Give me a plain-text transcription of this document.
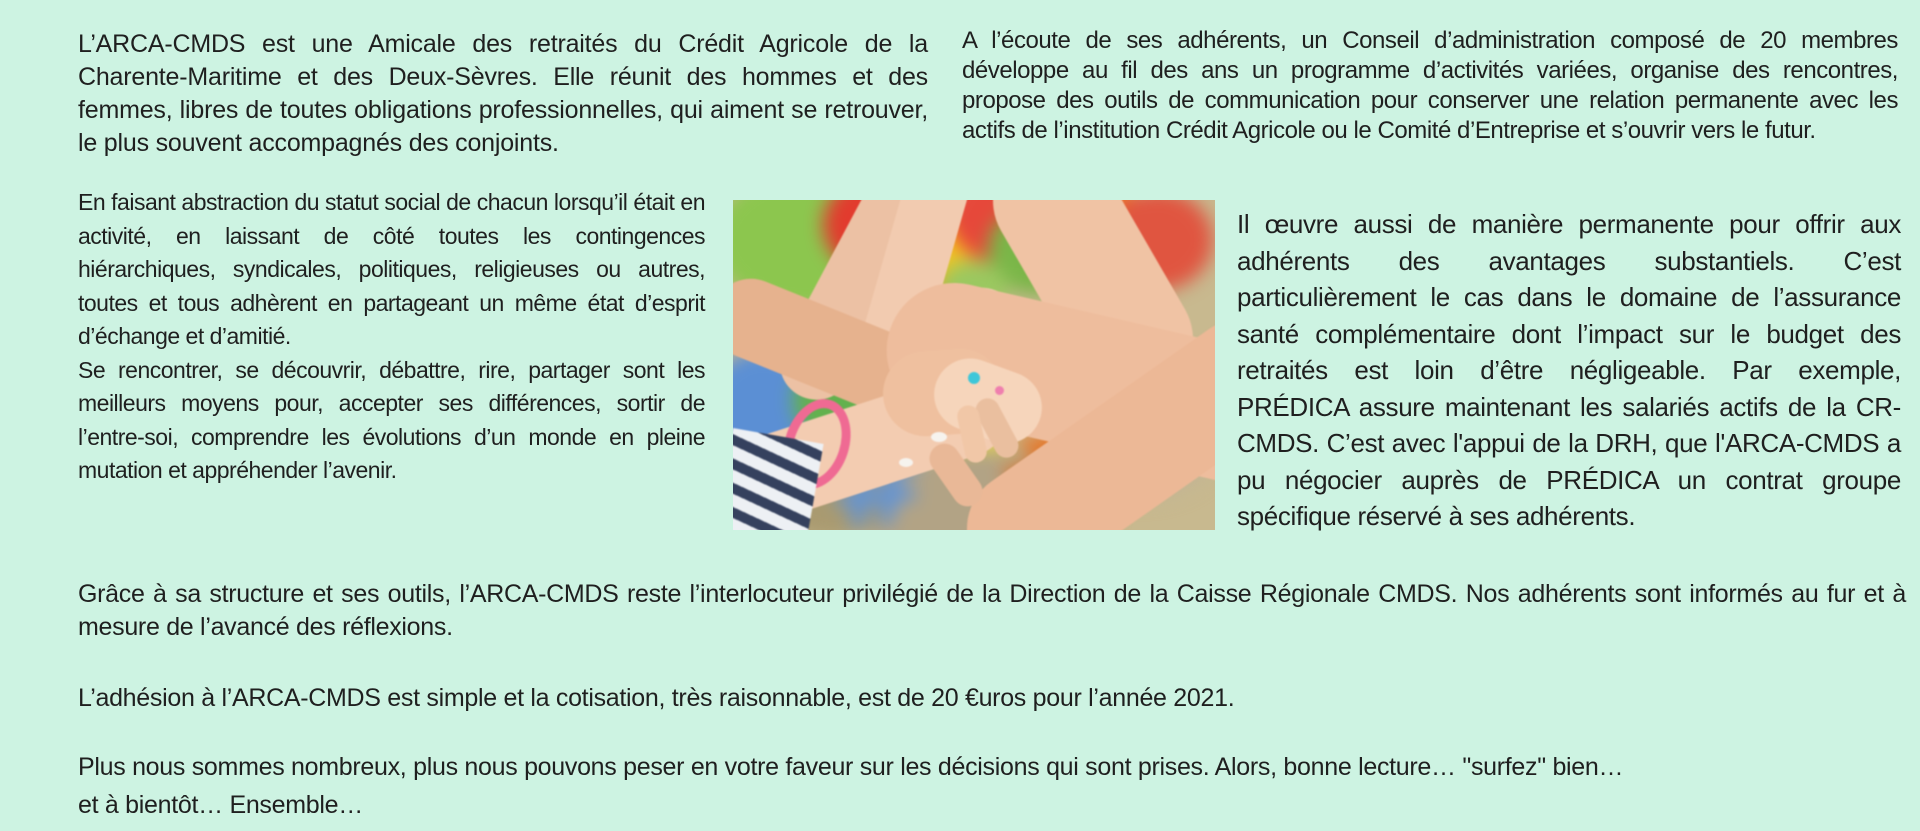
L’ARCA-CMDS est une Amicale des retraités du Crédit Agricole de la Charente-Maritime et des Deux-Sèvres. Elle réunit des hommes et des femmes, libres de toutes obligations professionnelles, qui aiment se retrouver, le plus souvent accompagnés des conjoints.

A l’écoute de ses adhérents, un Conseil d’administration composé de 20 membres développe au fil des ans un programme d’activités variées, organise des rencontres, propose des outils de communication pour conserver une relation permanente avec les actifs de l’institution Crédit Agricole ou le Comité d’Entreprise et s’ouvrir vers le futur.

En faisant abstraction du statut social de chacun lorsqu’il était en activité, en laissant de côté toutes les contingences hiérarchiques, syndicales, politiques, religieuses ou autres, toutes et tous adhèrent en partageant un même état d’esprit d’échange et d’amitié.

Se rencontrer, se découvrir, débattre, rire, partager sont les meilleurs moyens pour, accepter ses différences, sortir de l’entre-soi, comprendre les évolutions d’un monde en pleine mutation et appréhender l’avenir.

Il œuvre aussi de manière permanente pour offrir aux adhérents des avantages substantiels. C’est particulièrement le cas dans le domaine de l’assurance santé complémentaire dont l’impact sur le budget des retraités est loin d’être négligeable. Par exemple, PRÉDICA assure maintenant les salariés actifs de la CR-CMDS. C’est avec l'appui de la DRH, que l'ARCA-CMDS a pu négocier auprès de PRÉDICA un contrat groupe spécifique réservé à ses adhérents.

Grâce à sa structure et ses outils, l’ARCA-CMDS reste l’interlocuteur privilégié de la Direction de la Caisse Régionale CMDS. Nos adhérents sont informés au fur et à mesure de l’avancé des réflexions.

L’adhésion à l’ARCA-CMDS est simple et la cotisation, très raisonnable, est de 20 €uros pour l’année 2021.

Plus nous sommes nombreux, plus nous pouvons peser en votre faveur sur les décisions qui sont prises. Alors, bonne lecture… "surfez" bien…

et à bientôt… Ensemble…
